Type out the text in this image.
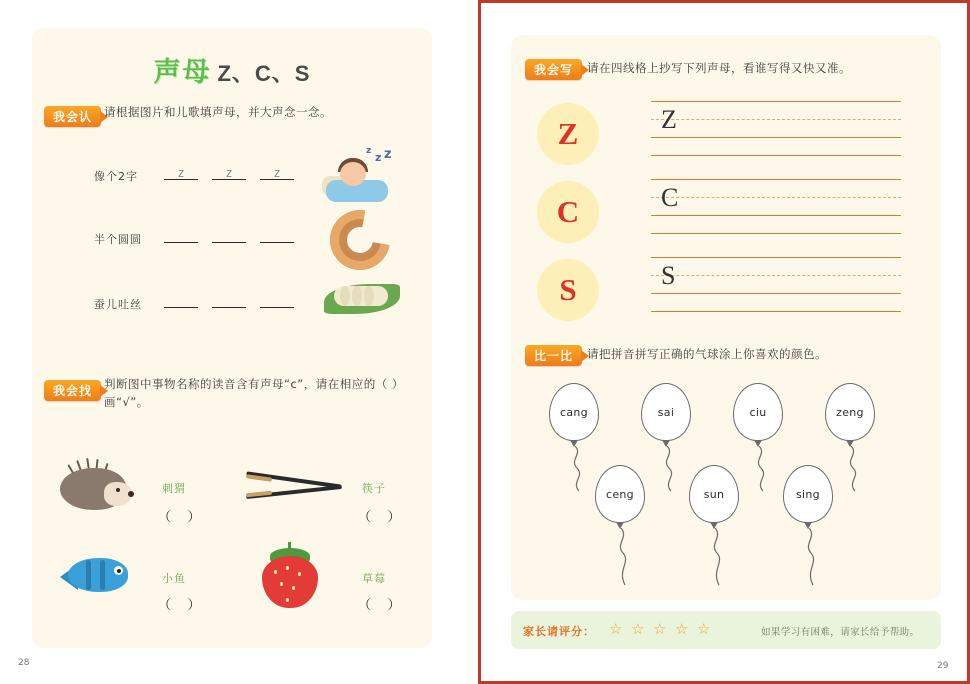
声母 Z、C、S
我会认	请根据图片和儿歌填声母，并大声念一念。
像个2字	z	z	z
z z z
半个圆圆
蚕儿吐丝
我会找	判断图中事物名称的读音含有声母“c”，请在相应的（ ）画“√”。
刺猬
（    ）
筷子
（    ）
小鱼
（    ）
草莓
（    ）
28
我会写	请在四线格上抄写下列声母，看谁写得又快又准。
Z	Z
C	C
S	S
比一比	请把拼音拼写正确的气球涂上你喜欢的颜色。
cang	sai	ciu	zeng
ceng	sun	sing
家长请评分： ☆ ☆ ☆ ☆ ☆	如果学习有困难，请家长给予帮助。
29
